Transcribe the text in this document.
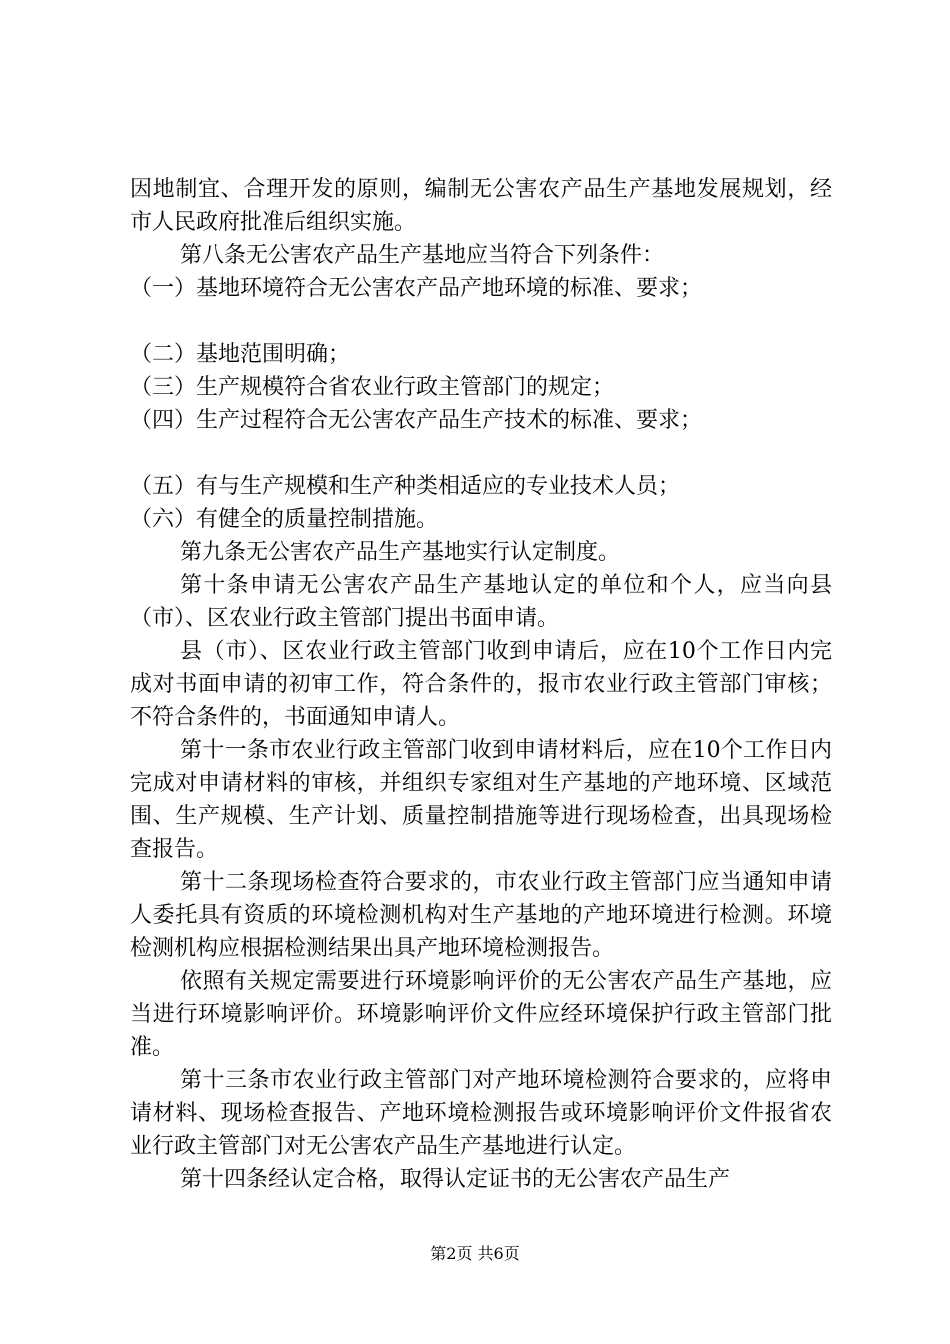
因地制宜、合理开发的原则，编制无公害农产品生产基地发展规划，经市人民政府批准后组织实施。

第八条无公害农产品生产基地应当符合下列条件：

（一）基地环境符合无公害农产品产地环境的标准、要求；

（二）基地范围明确；

（三）生产规模符合省农业行政主管部门的规定；

（四）生产过程符合无公害农产品生产技术的标准、要求；

（五）有与生产规模和生产种类相适应的专业技术人员；

（六）有健全的质量控制措施。

第九条无公害农产品生产基地实行认定制度。

第十条申请无公害农产品生产基地认定的单位和个人，应当向县（市）、区农业行政主管部门提出书面申请。

县（市）、区农业行政主管部门收到申请后，应在10个工作日内完成对书面申请的初审工作，符合条件的，报市农业行政主管部门审核；不符合条件的，书面通知申请人。

第十一条市农业行政主管部门收到申请材料后，应在10个工作日内完成对申请材料的审核，并组织专家组对生产基地的产地环境、区域范围、生产规模、生产计划、质量控制措施等进行现场检查，出具现场检查报告。

第十二条现场检查符合要求的，市农业行政主管部门应当通知申请人委托具有资质的环境检测机构对生产基地的产地环境进行检测。环境检测机构应根据检测结果出具产地环境检测报告。

依照有关规定需要进行环境影响评价的无公害农产品生产基地，应当进行环境影响评价。环境影响评价文件应经环境保护行政主管部门批准。

第十三条市农业行政主管部门对产地环境检测符合要求的，应将申请材料、现场检查报告、产地环境检测报告或环境影响评价文件报省农业行政主管部门对无公害农产品生产基地进行认定。

第十四条经认定合格，取得认定证书的无公害农产品生产

第2页 共6页
